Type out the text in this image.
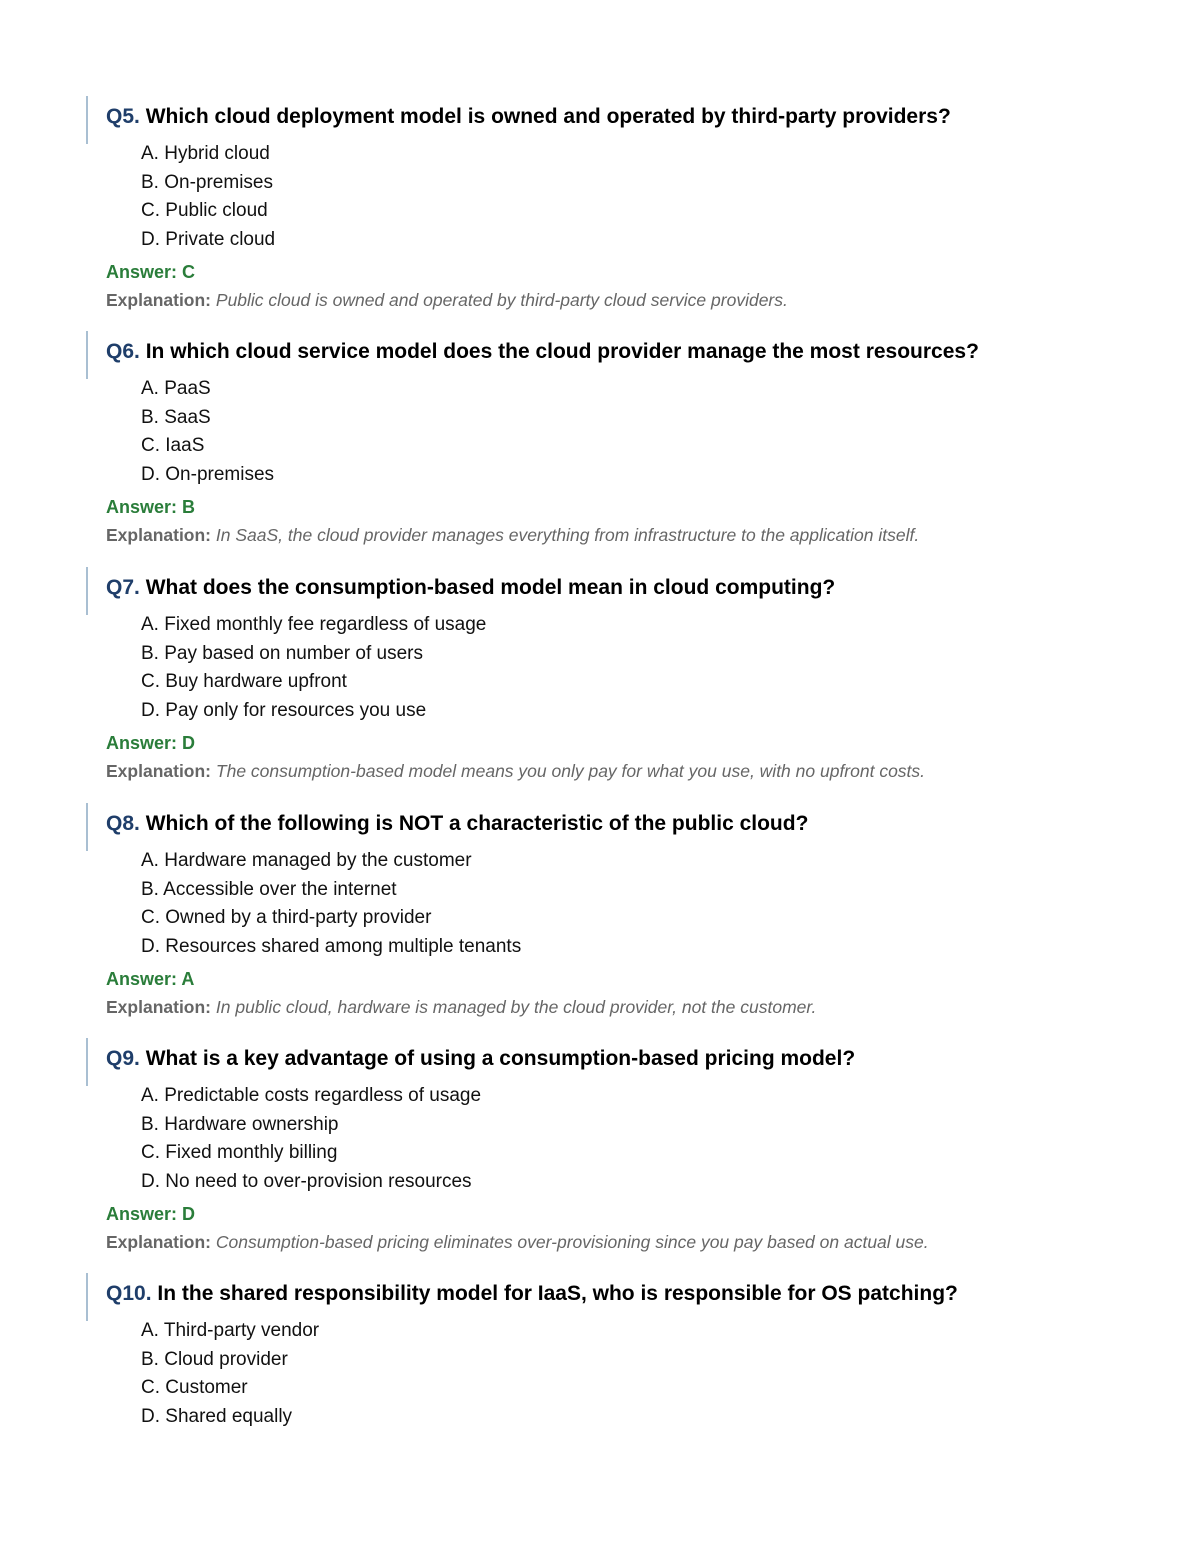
Q5. Which cloud deployment model is owned and operated by third-party providers?
A. Hybrid cloud
B. On-premises
C. Public cloud
D. Private cloud
Answer: C
Explanation: Public cloud is owned and operated by third-party cloud service providers.
Q6. In which cloud service model does the cloud provider manage the most resources?
A. PaaS
B. SaaS
C. IaaS
D. On-premises
Answer: B
Explanation: In SaaS, the cloud provider manages everything from infrastructure to the application itself.
Q7. What does the consumption-based model mean in cloud computing?
A. Fixed monthly fee regardless of usage
B. Pay based on number of users
C. Buy hardware upfront
D. Pay only for resources you use
Answer: D
Explanation: The consumption-based model means you only pay for what you use, with no upfront costs.
Q8. Which of the following is NOT a characteristic of the public cloud?
A. Hardware managed by the customer
B. Accessible over the internet
C. Owned by a third-party provider
D. Resources shared among multiple tenants
Answer: A
Explanation: In public cloud, hardware is managed by the cloud provider, not the customer.
Q9. What is a key advantage of using a consumption-based pricing model?
A. Predictable costs regardless of usage
B. Hardware ownership
C. Fixed monthly billing
D. No need to over-provision resources
Answer: D
Explanation: Consumption-based pricing eliminates over-provisioning since you pay based on actual use.
Q10. In the shared responsibility model for IaaS, who is responsible for OS patching?
A. Third-party vendor
B. Cloud provider
C. Customer
D. Shared equally
